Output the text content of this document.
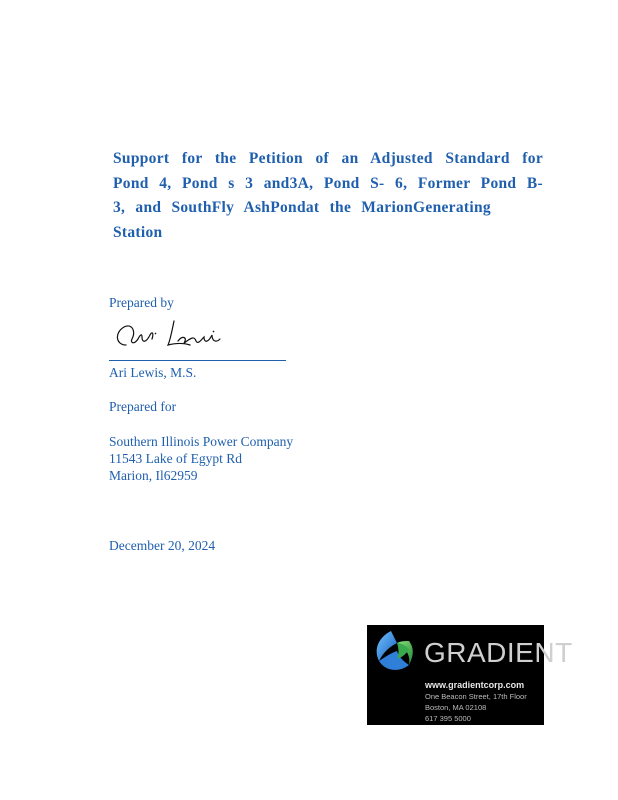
Support for the Petition of an Adjusted Standard for
Pond 4, Pond s 3 and3A, Pond S- 6, Former Pond B-
3, and SouthFly AshPondat the MarionGenerating
Station
Prepared by
Ari Lewis, M.S.
Prepared for
Southern Illinois Power Company
11543 Lake of Egypt Rd
Marion, Il62959
December 20, 2024
GRADIENT
www.gradientcorp.com
One Beacon Street, 17th Floor
Boston, MA 02108
617 395 5000
